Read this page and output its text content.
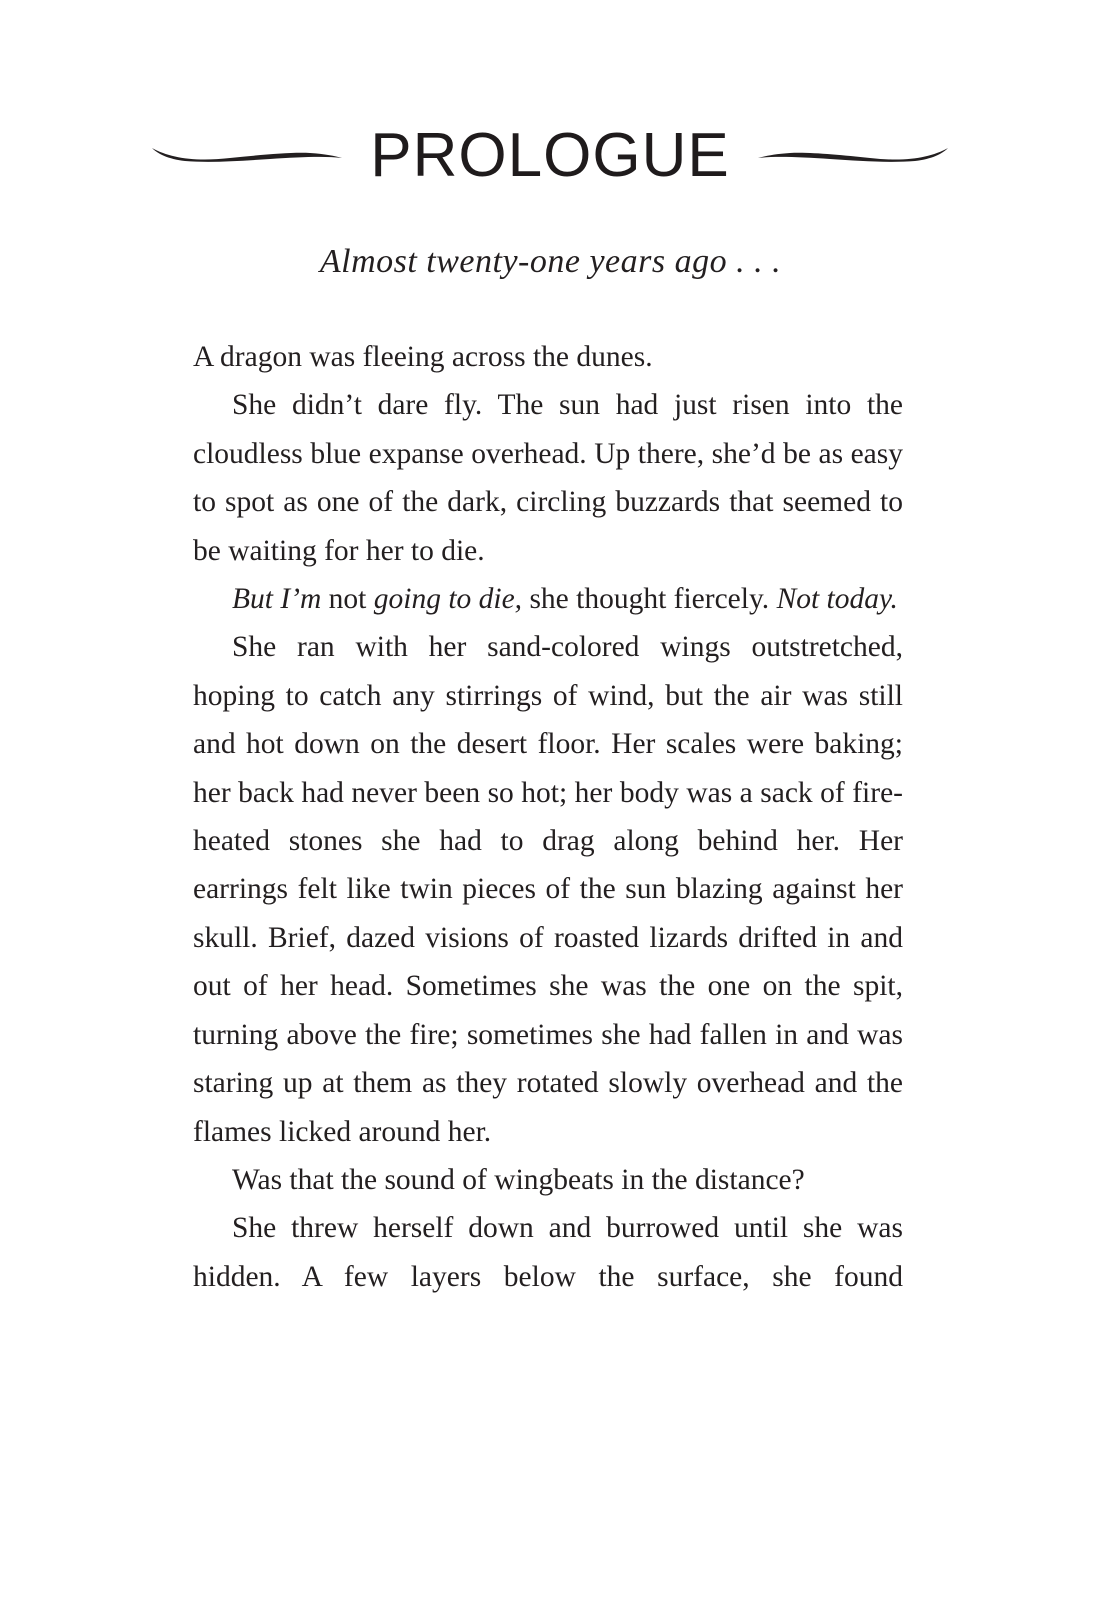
PROLOGUE
Almost twenty-one years ago . . .

A dragon was fleeing across the dunes.

She didn’t dare fly. The sun had just risen into the cloudless blue expanse overhead. Up there, she’d be as easy to spot as one of the dark, circling buzzards that seemed to be waiting for her to die.

But I’m not going to die, she thought fiercely. Not today.

She ran with her sand-colored wings outstretched, hoping to catch any stirrings of wind, but the air was still and hot down on the desert floor. Her scales were baking; her back had never been so hot; her body was a sack of fire-heated stones she had to drag along behind her. Her earrings felt like twin pieces of the sun blazing against her skull. Brief, dazed visions of roasted lizards drifted in and out of her head. Sometimes she was the one on the spit, turning above the fire; sometimes she had fallen in and was staring up at them as they rotated slowly overhead and the flames licked around her.

Was that the sound of wingbeats in the distance?

She threw herself down and burrowed until she was hidden. A few layers below the surface, she found
